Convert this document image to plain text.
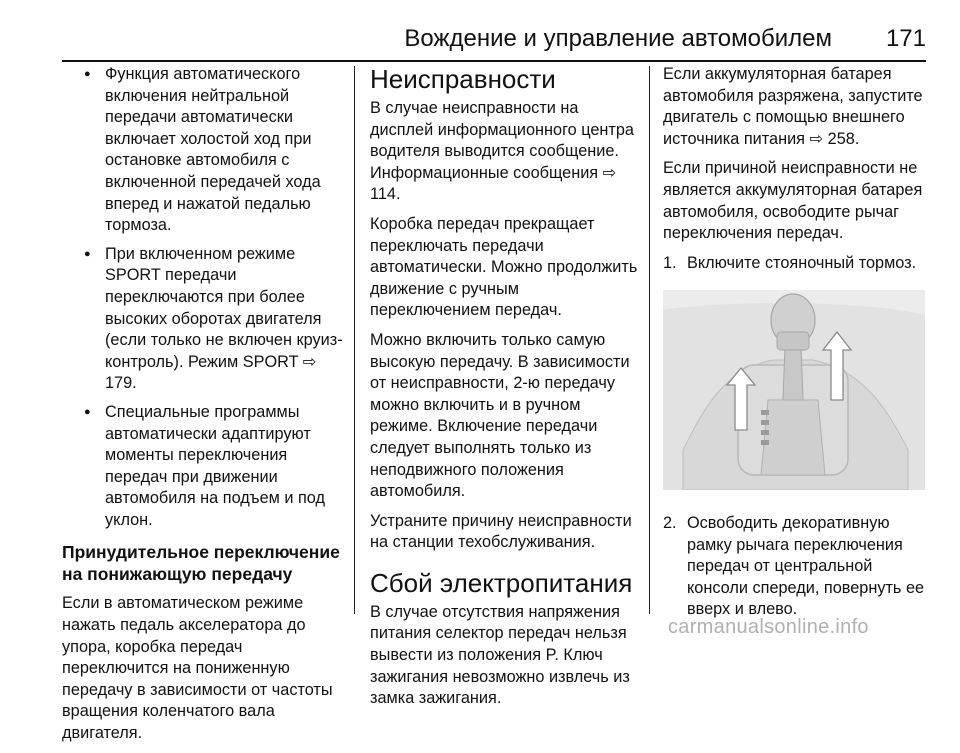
Вождение и управление автомобилем 171
● Функция автоматического включения нейтральной передачи автоматически включает холостой ход при остановке автомобиля с включенной передачей хода вперед и нажатой педалью тормоза.
● При включенном режиме SPORT передачи переключаются при более высоких оборотах двигателя (если только не включен круиз-контроль). Режим SPORT ⇨ 179.
● Специальные программы автоматически адаптируют моменты переключения передач при движении автомобиля на подъем и под уклон.
Принудительное переключение на понижающую передачу

Если в автоматическом режиме нажать педаль акселератора до упора, коробка передач переключится на пониженную передачу в зависимости от частоты вращения коленчатого вала двигателя.

Неисправности

В случае неисправности на дисплей информационного центра водителя выводится сообщение. Информационные сообщения ⇨ 114.

Коробка передач прекращает переключать передачи автоматически. Можно продолжить движение с ручным переключением передач.

Можно включить только самую высокую передачу. В зависимости от неисправности, 2-ю передачу можно включить и в ручном режиме. Включение передачи следует выполнять только из неподвижного положения автомобиля.

Устраните причину неисправности на станции техобслуживания.

Сбой электропитания

В случае отсутствия напряжения питания селектор передач нельзя вывести из положения P. Ключ зажигания невозможно извлечь из замка зажигания.

Если аккумуляторная батарея автомобиля разряжена, запустите двигатель с помощью внешнего источника питания ⇨ 258.

Если причиной неисправности не является аккумуляторная батарея автомобиля, освободите рычаг переключения передач.

1. Включите стояночный тормоз.
2. Освободить декоративную рамку рычага переключения передач от центральной консоли спереди, повернуть ее вверх и влево.
carmanualsonline.info
